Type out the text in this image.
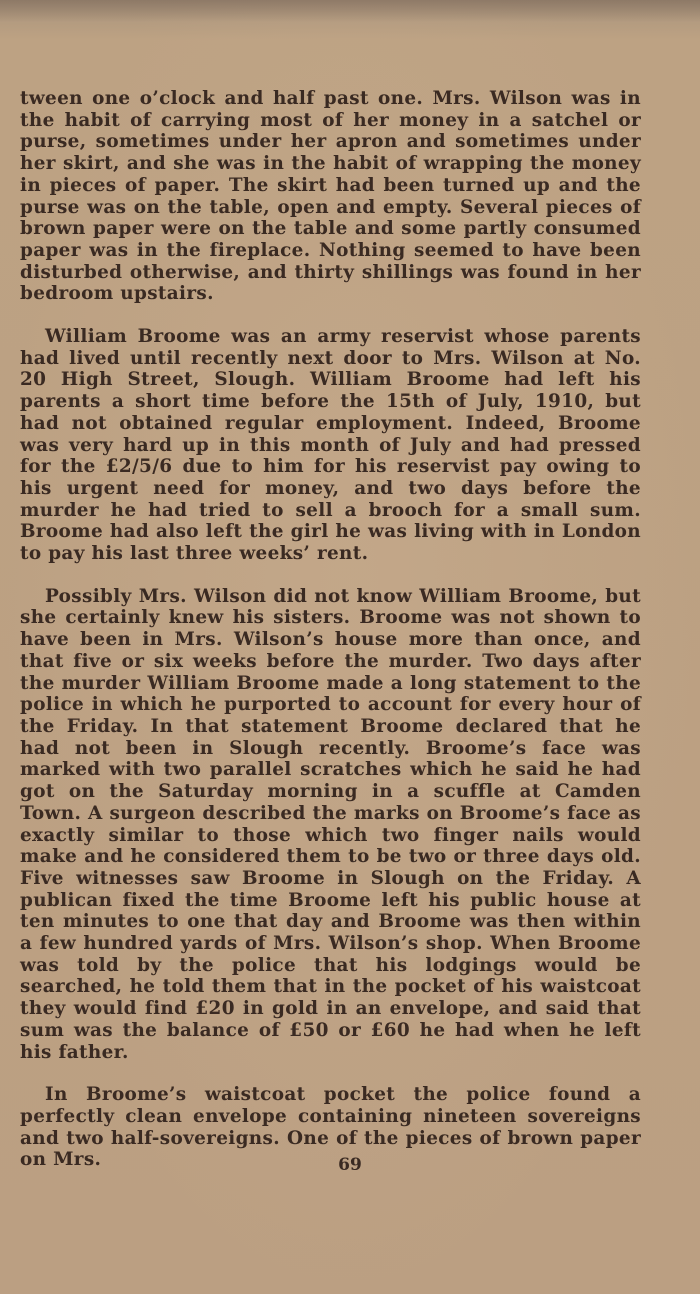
tween one o’clock and half past one. Mrs. Wilson was in the habit of carrying most of her money in a satchel or purse, sometimes under her apron and sometimes under her skirt, and she was in the habit of wrapping the money in pieces of paper. The skirt had been turned up and the purse was on the table, open and empty. Several pieces of brown paper were on the table and some partly consumed paper was in the fireplace. Nothing seemed to have been disturbed otherwise, and thirty shillings was found in her bedroom upstairs.

William Broome was an army reservist whose parents had lived until recently next door to Mrs. Wilson at No. 20 High Street, Slough. William Broome had left his parents a short time before the 15th of July, 1910, but had not obtained regular employment. Indeed, Broome was very hard up in this month of July and had pressed for the £2/5/6 due to him for his reservist pay owing to his urgent need for money, and two days before the murder he had tried to sell a brooch for a small sum. Broome had also left the girl he was living with in London to pay his last three weeks’ rent.

Possibly Mrs. Wilson did not know William Broome, but she certainly knew his sisters. Broome was not shown to have been in Mrs. Wilson’s house more than once, and that five or six weeks before the murder. Two days after the murder William Broome made a long statement to the police in which he purported to account for every hour of the Friday. In that statement Broome declared that he had not been in Slough recently. Broome’s face was marked with two parallel scratches which he said he had got on the Saturday morning in a scuffle at Camden Town. A surgeon described the marks on Broome’s face as exactly similar to those which two finger nails would make and he considered them to be two or three days old. Five witnesses saw Broome in Slough on the Friday. A publican fixed the time Broome left his public house at ten minutes to one that day and Broome was then within a few hundred yards of Mrs. Wilson’s shop. When Broome was told by the police that his lodgings would be searched, he told them that in the pocket of his waistcoat they would find £20 in gold in an envelope, and said that sum was the balance of £50 or £60 he had when he left his father.

In Broome’s waistcoat pocket the police found a perfectly clean envelope containing nineteen sovereigns and two half-sovereigns. One of the pieces of brown paper on Mrs.	69
